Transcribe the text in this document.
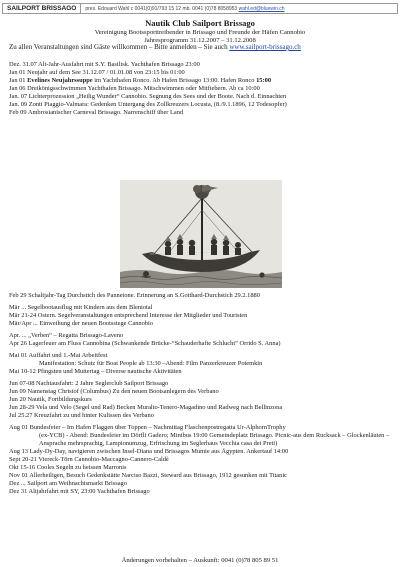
SAILPORT BRISSAGO	pres. Edouard Wahl c 0041(0)91/793 15 12 mb. 0041 (0)78 8058953 wahl.ed@bluewin.ch
Nautik Club Sailport Brissago
Vereinigung Bootssporttreibender in Brissago und Freunde der Häfen Cannobio
Jahresprogramm 31.12.2007 – 31.12.2008
Zu allen Veranstaltungen sind Gäste willkommen – Bitte anmelden – Sie auch www.sailport-brissago.ch
Dez. 31.07 Alt-Jahr-Ausfahrt mit S.Y. Basilisk. Yachthafen Brissago 23:00
Jan 01 Neujahr auf dem See 31.12.07 / 01.01.08 von 23:15 bis 01:00
Jan 01 Evelines Neujahrssuppe im Yachthafen Ronco. Ab Hafen Brissago 13:00. Hafen Ronco 15:00
Jan 06 Dreikönigsschwimmen Yachthafen Brissago. Mitschwimmen oder Mitfiebern. Ab ca 10:00
Jan. 07 Lichterprozession „Heilig Wunder“ Cannobio. Segnung des Sees und der Boote. Nach d. Einnachten
Jan. 09 Zonti Piaggio-Valmara: Gedenken Untergang des Zollkreuzers Locusta, (8./9.1.1896, 12 Todesopfer)
Feb 09 Ambrosianischer Carneval Brissago. Narrenschiff über Land
Feb 29 Schaltjahr-Tag Durchstich des Pannetone. Erinnerung an S.Gotthard-Durchstich 29.2.1880
Mär ... Segelbootausflug mit Kindern aus dem Bleniotal
Mär 21-24 Ostern. Segelveranstaltungen entsprechend Interesse der Mitglieder und Touristen
Mär/Apr ... Einweihung der neuen Bootsstege Cannobio
Apr. ... „Verben“ – Regatta Brissago-Laveno
Apr 26 Lagerfeuer am Fluss Cannobina (Schwankende Brücke-“Schauderhafte Schlucht” Orrido S. Anna)
Mai 01 Auffahrt und 1.-Mai Arbeitfest
Manifestation: Schutz für Boat People ab 13:30 –Abend: Film Panzerkreuzer Potemkin
Mai 10-12 Pfingsten und Muttertag – Diverse nautische Aktivitäten
Jun 07-08 Nachtausfahrt: 2 Jahre Seglerclub Sailport Brissago
Jun 09 Namenstag Christof (Columbus) Zu den neuen Bootsanlegern des Verbano
Jun 20 Nautik, Fortbildungskurs
Jun 28-29 Vela und Velo (Segel und Rad) Becken Muralto-Tenero-Magadino und Radweg nach Bellinzona
Jul 25.27 Kreuzfahrt zu und hinter Kulissen des Verbano
Aug 01 Bundesfeier – Im Hafen Flaggen über Toppen – Nachmittag Flaschenpostregatta Ur-AlphornTrophy
(ex-YCB) - Abend: Bundesfeier im Dörfli Gadero; Minibus 19:00 Gemeindeplatz Brissago. Picnic-aus dem Rucksack – Glockenläuten – Ansprache mehrsprachig, Lampionumzug, Erfrischung im Seglerhaus Vecchia casa dei Preti)
Aug 13 Lady-Dy-Day, navigieren zwischen Insel-Diana und Brissagos Mumie aus Ägypten. Ankertauf 14:00
Sept 20-21 Viereck-Törn Cannobio-Maccagno-Cannero-Caldè
Okt 15-16 Cooles Segeln zu heissen Marronis
Nov 01 Allerheiligen, Besuch Gedenkstätte Narciso Bazzi, Steward aus Brissago, 1912 gesunken mit Titanic
Dez ... Sailport am Weihnachtsmarkt Brissago
Dez 31 Altjahrfahrt mit SY, 23:00 Yachthafen Brissago
Änderungen vorbehalten – Auskunft: 0041 (0)78 805 89 51
